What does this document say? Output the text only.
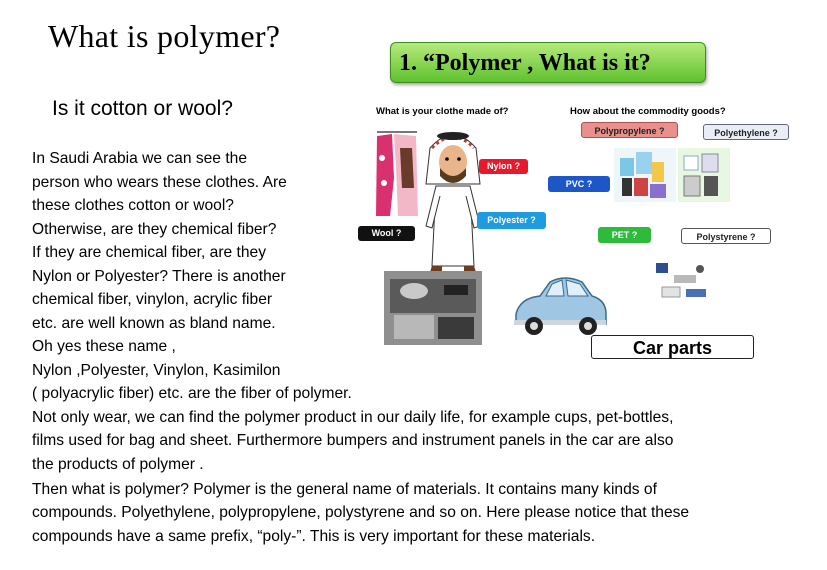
What is polymer?
Is it cotton or wool?
In Saudi Arabia we can see the
person who wears these clothes. Are
these clothes cotton or wool?
Otherwise, are they chemical fiber?
If they are chemical fiber, are they
Nylon or Polyester? There is another
chemical fiber, vinylon, acrylic fiber
etc. are well known as bland name.
Oh yes these name ,
Nylon ,Polyester, Vinylon, Kasimilon
( polyacrylic fiber) etc. are the fiber of polymer.
Not only wear, we can find the polymer product in our daily life, for example cups, pet-bottles,
films used for bag and sheet. Furthermore bumpers and instrument panels in the car are also
the products of polymer .
Then what is polymer? Polymer is the general name of materials. It contains many kinds of
compounds. Polyethylene, polypropylene, polystyrene and so on. Here please notice that these
compounds have a same prefix, “poly-”. This is very important for these materials.
1. “Polymer , What is it?
What is your clothe made of?	How about the commodity goods?
Nylon ?
Polyester ?
Wool ?
PVC ?
PET ?
Polypropylene ?	Polyethylene ?
Polystyrene ?
Car parts
